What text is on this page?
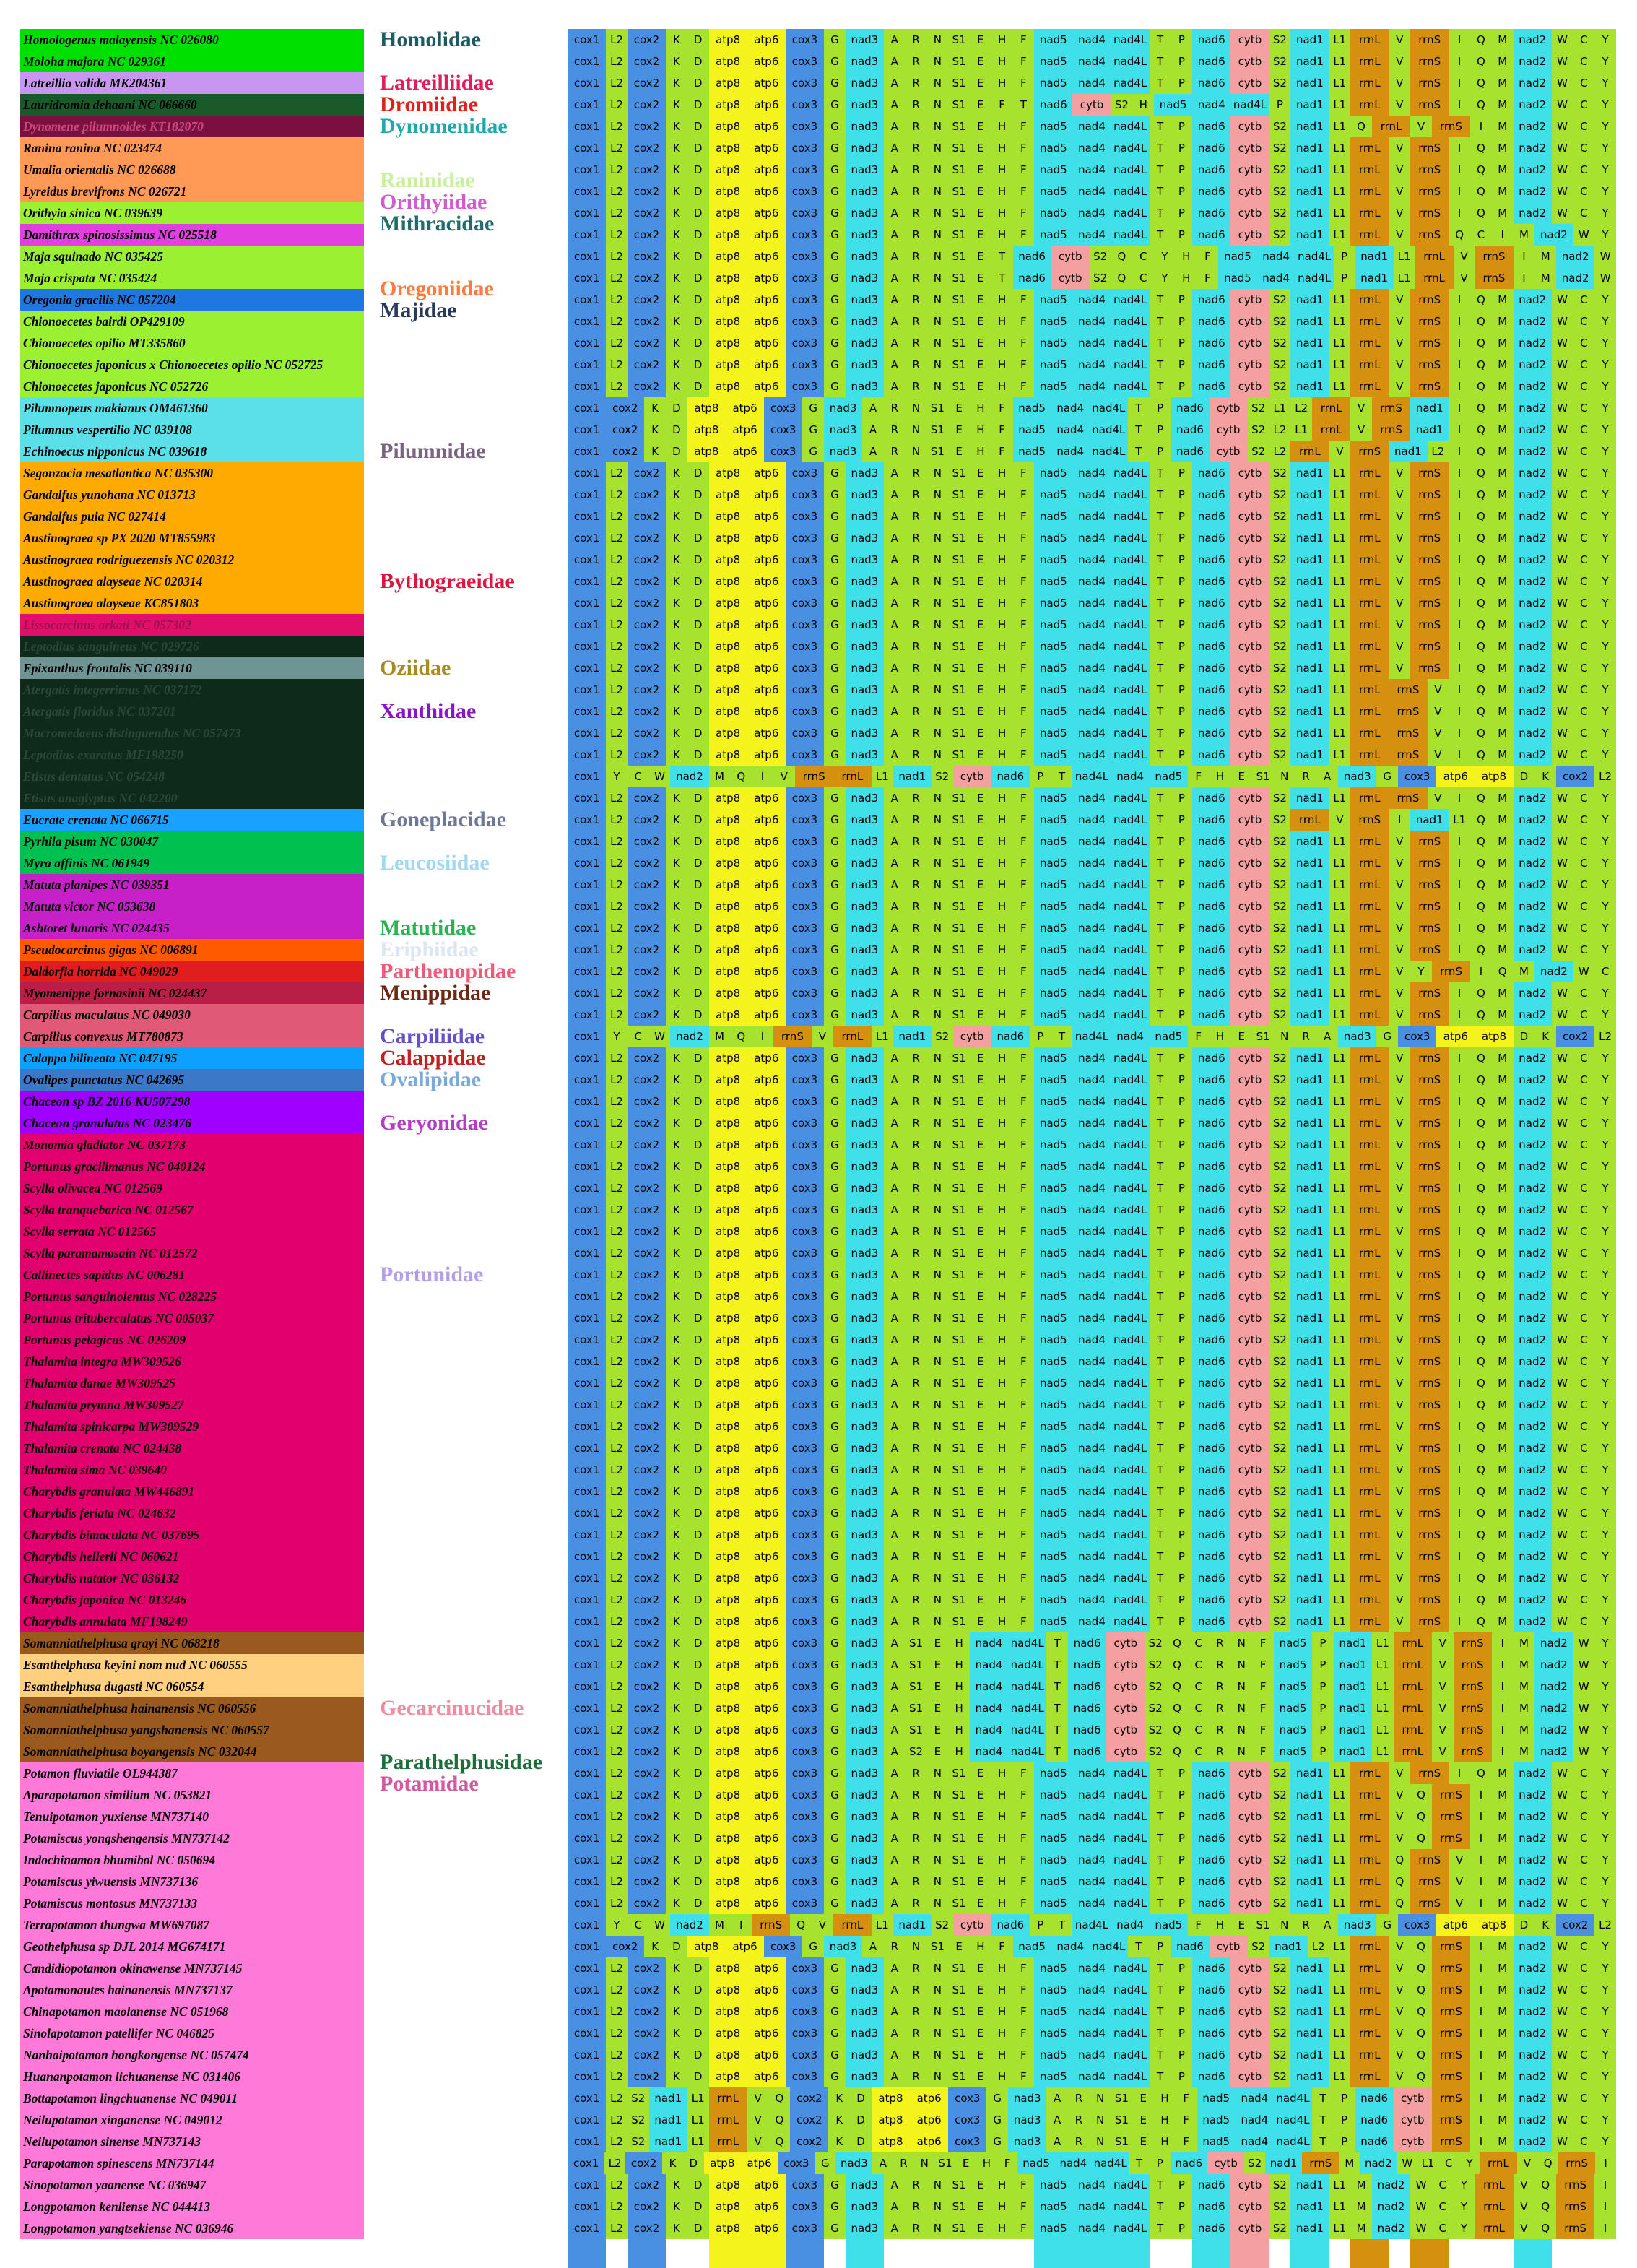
Homologenus malayensis NC 026080
Moloha majora NC 029361
Latreillia valida MK204361
Lauridromia dehaani NC 066660
Dynomene pilumnoides KT182070
Ranina ranina NC 023474
Umalia orientalis NC 026688
Lyreidus brevifrons NC 026721
Orithyia sinica NC 039639
Damithrax spinosissimus NC 025518
Maja squinado NC 035425
Maja crispata NC 035424
Oregonia gracilis NC 057204
Chionoecetes bairdi OP429109
Chionoecetes opilio MT335860
Chionoecetes japonicus x Chionoecetes opilio NC 052725
Chionoecetes japonicus NC 052726
Pilumnopeus makianus OM461360
Pilumnus vespertilio NC 039108
Echinoecus nipponicus NC 039618
Segonzacia mesatlantica NC 035300
Gandalfus yunohana NC 013713
Gandalfus puia NC 027414
Austinograea sp PX 2020 MT855983
Austinograea rodriguezensis NC 020312
Austinograea alayseae NC 020314
Austinograea alayseae KC851803
Lissocarcinus arkati NC 057302
Leptodius sanguineus NC 029726
Epixanthus frontalis NC 039110
Atergatis integerrimus NC 037172
Atergatis floridus NC 037201
Macromedaeus distinguendus NC 057473
Leptodius exaratus MF198250
Etisus dentatus NC 054248
Etisus anaglyptus NC 042200
Eucrate crenata NC 066715
Pyrhila pisum NC 030047
Myra affinis NC 061949
Matuta planipes NC 039351
Matuta victor NC 053638
Ashtoret lunaris NC 024435
Pseudocarcinus gigas NC 006891
Daldorfia horrida NC 049029
Myomenippe fornasinii NC 024437
Carpilius maculatus NC 049030
Carpilius convexus MT780873
Calappa bilineata NC 047195
Ovalipes punctatus NC 042695
Chaceon sp BZ 2016 KU507298
Chaceon granulatus NC 023476
Monomia gladiator NC 037173
Portunus gracilimanus NC 040124
Scylla olivacea NC 012569
Scylla tranquebarica NC 012567
Scylla serrata NC 012565
Scylla paramamosain NC 012572
Callinectes sapidus NC 006281
Portunus sanguinolentus NC 028225
Portunus trituberculatus NC 005037
Portunus pelagicus NC 026209
Thalamita integra MW309526
Thalamita danae MW309525
Thalamita prymna MW309527
Thalamita spinicarpa MW309529
Thalamita crenata NC 024438
Thalamita sima NC 039640
Charybdis granulata MW446891
Charybdis feriata NC 024632
Charybdis bimaculata NC 037695
Charybdis hellerii NC 060621
Charybdis natator NC 036132
Charybdis japonica NC 013246
Charybdis annulata MF198249
Somanniathelphusa grayi NC 068218
Esanthelphusa keyini nom nud NC 060555
Esanthelphusa dugasti NC 060554
Somanniathelphusa hainanensis NC 060556
Somanniathelphusa yangshanensis NC 060557
Somanniathelphusa boyangensis NC 032044
Potamon fluviatile OL944387
Aparapotamon similium NC 053821
Tenuipotamon yuxiense MN737140
Potamiscus yongshengensis MN737142
Indochinamon bhumibol NC 050694
Potamiscus yiwuensis MN737136
Potamiscus montosus MN737133
Terrapotamon thungwa MW697087
Geothelphusa sp DJL 2014 MG674171
Candidiopotamon okinawense MN737145
Apotamonautes hainanensis MN737137
Chinapotamon maolanense NC 051968
Sinolapotamon patellifer NC 046825
Nanhaipotamon hongkongense NC 057474
Huananpotamon lichuanense NC 031406
Bottapotamon lingchuanense NC 049011
Neilupotamon xinganense NC 049012
Neilupotamon sinense MN737143
Parapotamon spinescens MN737144
Sinopotamon yaanense NC 036947
Longpotamon kenliense NC 044413
Longpotamon yangtsekiense NC 036946
Homolidae
Latreilliidae
Dromiidae
Dynomenidae
Raninidae
Orithyiidae
Mithracidae
Oregoniidae
Majidae
Pilumnidae
Bythograeidae
Oziidae
Xanthidae
Goneplacidae
Leucosiidae
Matutidae
Eriphiidae
Parthenopidae
Menippidae
Carpiliidae
Calappidae
Ovalipidae
Geryonidae
Portunidae
Gecarcinucidae
Parathelphusidae
Potamidae
cox1 L2 cox2	K	D	atp8	atp6	cox3	G	nad3	A	R	N S1	E	H	F	nad5	nad4 nad4L T	P	nad6	cytb	S2 nad1 L1	rrnL	V	rrnS	I	Q	M	nad2	W	C	Y
cox1 L2 cox2	K	D	atp8	atp6	cox3	G	nad3	A	R	N S1	E	H	F	nad5	nad4 nad4L T	P	nad6	cytb	S2 nad1 L1	rrnL	V	rrnS	I	Q	M	nad2	W	C	Y
cox1 L2 cox2	K	D	atp8	atp6	cox3	G	nad3	A	R	N S1	E	H	F	nad5	nad4 nad4L T	P	nad6	cytb	S2 nad1 L1	rrnL	V	rrnS	I	Q	M	nad2	W	C	Y
cox1 L2 cox2	K	D	atp8	atp6	cox3	G	nad3	A	R	N S1	E	F	T	nad6	cytb	S2 H	nad5	nad4 nad4L P	nad1 L1	rrnL	V	rrnS	I	Q	M	nad2	W	C	Y
cox1 L2 cox2	K	D	atp8	atp6	cox3	G	nad3	A	R	N S1	E	H	F	nad5	nad4 nad4L T	P	nad6	cytb	S2 nad1 L1 Q	rrnL	V	rrnS	I	M	nad2	W	C	Y
cox1 L2 cox2	K	D	atp8	atp6	cox3	G	nad3	A	R	N S1	E	H	F	nad5	nad4 nad4L T	P	nad6	cytb	S2 nad1 L1	rrnL	V	rrnS	I	Q	M	nad2	W	C	Y
cox1 L2 cox2	K	D	atp8	atp6	cox3	G	nad3	A	R	N S1	E	H	F	nad5	nad4 nad4L T	P	nad6	cytb	S2 nad1 L1	rrnL	V	rrnS	I	Q	M	nad2	W	C	Y
cox1 L2 cox2	K	D	atp8	atp6	cox3	G	nad3	A	R	N S1	E	H	F	nad5	nad4 nad4L T	P	nad6	cytb	S2 nad1 L1	rrnL	V	rrnS	I	Q	M	nad2	W	C	Y
cox1 L2 cox2	K	D	atp8	atp6	cox3	G	nad3	A	R	N S1	E	H	F	nad5	nad4 nad4L T	P	nad6	cytb	S2 nad1 L1	rrnL	V	rrnS	I	Q	M	nad2	W	C	Y
cox1 L2 cox2	K	D	atp8	atp6	cox3	G	nad3	A	R	N S1	E	H	F	nad5	nad4 nad4L T	P	nad6	cytb	S2 nad1 L1	rrnL	V	rrnS	Q	C	I	M	nad2	W	Y
cox1 L2 cox2	K	D	atp8	atp6	cox3	G	nad3	A	R	N S1	E	T	nad6	cytb	S2 Q	C	Y	H	F	nad5	nad4 nad4L P	nad1 L1	rrnL	V	rrnS	I	M	nad2	W
cox1 L2 cox2	K	D	atp8	atp6	cox3	G	nad3	A	R	N S1	E	T	nad6	cytb	S2 Q	C	Y	H	F	nad5	nad4 nad4L P	nad1 L1	rrnL	V	rrnS	I	M	nad2	W
cox1 L2 cox2	K	D	atp8	atp6	cox3	G	nad3	A	R	N S1	E	H	F	nad5	nad4 nad4L T	P	nad6	cytb	S2 nad1 L1	rrnL	V	rrnS	I	Q	M	nad2	W	C	Y
cox1 L2 cox2	K	D	atp8	atp6	cox3	G	nad3	A	R	N S1	E	H	F	nad5	nad4 nad4L T	P	nad6	cytb	S2 nad1 L1	rrnL	V	rrnS	I	Q	M	nad2	W	C	Y
cox1 L2 cox2	K	D	atp8	atp6	cox3	G	nad3	A	R	N S1	E	H	F	nad5	nad4 nad4L T	P	nad6	cytb	S2 nad1 L1	rrnL	V	rrnS	I	Q	M	nad2	W	C	Y
cox1 L2 cox2	K	D	atp8	atp6	cox3	G	nad3	A	R	N S1	E	H	F	nad5	nad4 nad4L T	P	nad6	cytb	S2 nad1 L1	rrnL	V	rrnS	I	Q	M	nad2	W	C	Y
cox1 L2 cox2	K	D	atp8	atp6	cox3	G	nad3	A	R	N S1	E	H	F	nad5	nad4 nad4L T	P	nad6	cytb	S2 nad1 L1	rrnL	V	rrnS	I	Q	M	nad2	W	C	Y
cox1	cox2	K	D	atp8	atp6	cox3	G	nad3	A	R	N S1	E	H	F	nad5	nad4 nad4L T	P	nad6	cytb	S2 L1 L2	rrnL	V	rrnS	nad1	I	Q	M	nad2	W	C	Y
cox1	cox2	K	D	atp8	atp6	cox3	G	nad3	A	R	N S1	E	H	F	nad5	nad4 nad4L T	P	nad6	cytb	S2 L2 L1	rrnL	V	rrnS	nad1	I	Q	M	nad2	W	C	Y
cox1	cox2	K	D	atp8	atp6	cox3	G	nad3	A	R	N S1	E	H	F	nad5	nad4 nad4L T	P	nad6	cytb	S2 L2	rrnL	V	rrnS	nad1 L2	I	Q	M	nad2	W	C	Y
cox1 L2 cox2	K	D	atp8	atp6	cox3	G	nad3	A	R	N S1	E	H	F	nad5	nad4 nad4L T	P	nad6	cytb	S2 nad1 L1	rrnL	V	rrnS	I	Q	M	nad2	W	C	Y
cox1 L2 cox2	K	D	atp8	atp6	cox3	G	nad3	A	R	N S1	E	H	F	nad5	nad4 nad4L T	P	nad6	cytb	S2 nad1 L1	rrnL	V	rrnS	I	Q	M	nad2	W	C	Y
cox1 L2 cox2	K	D	atp8	atp6	cox3	G	nad3	A	R	N S1	E	H	F	nad5	nad4 nad4L T	P	nad6	cytb	S2 nad1 L1	rrnL	V	rrnS	I	Q	M	nad2	W	C	Y
cox1 L2 cox2	K	D	atp8	atp6	cox3	G	nad3	A	R	N S1	E	H	F	nad5	nad4 nad4L T	P	nad6	cytb	S2 nad1 L1	rrnL	V	rrnS	I	Q	M	nad2	W	C	Y
cox1 L2 cox2	K	D	atp8	atp6	cox3	G	nad3	A	R	N S1	E	H	F	nad5	nad4 nad4L T	P	nad6	cytb	S2 nad1 L1	rrnL	V	rrnS	I	Q	M	nad2	W	C	Y
cox1 L2 cox2	K	D	atp8	atp6	cox3	G	nad3	A	R	N S1	E	H	F	nad5	nad4 nad4L T	P	nad6	cytb	S2 nad1 L1	rrnL	V	rrnS	I	Q	M	nad2	W	C	Y
cox1 L2 cox2	K	D	atp8	atp6	cox3	G	nad3	A	R	N S1	E	H	F	nad5	nad4 nad4L T	P	nad6	cytb	S2 nad1 L1	rrnL	V	rrnS	I	Q	M	nad2	W	C	Y
cox1 L2 cox2	K	D	atp8	atp6	cox3	G	nad3	A	R	N S1	E	H	F	nad5	nad4 nad4L T	P	nad6	cytb	S2 nad1 L1	rrnL	V	rrnS	I	Q	M	nad2	W	C	Y
cox1 L2 cox2	K	D	atp8	atp6	cox3	G	nad3	A	R	N S1	E	H	F	nad5	nad4 nad4L T	P	nad6	cytb	S2 nad1 L1	rrnL	V	rrnS	I	Q	M	nad2	W	C	Y
cox1 L2 cox2	K	D	atp8	atp6	cox3	G	nad3	A	R	N S1	E	H	F	nad5	nad4 nad4L T	P	nad6	cytb	S2 nad1 L1	rrnL	V	rrnS	I	Q	M	nad2	W	C	Y
cox1 L2 cox2	K	D	atp8	atp6	cox3	G	nad3	A	R	N S1	E	H	F	nad5	nad4 nad4L T	P	nad6	cytb	S2 nad1 L1	rrnL	rrnS	V	I	Q	M	nad2	W	C	Y
cox1 L2 cox2	K	D	atp8	atp6	cox3	G	nad3	A	R	N S1	E	H	F	nad5	nad4 nad4L T	P	nad6	cytb	S2 nad1 L1	rrnL	rrnS	V	I	Q	M	nad2	W	C	Y
cox1 L2 cox2	K	D	atp8	atp6	cox3	G	nad3	A	R	N S1	E	H	F	nad5	nad4 nad4L T	P	nad6	cytb	S2 nad1 L1	rrnL	rrnS	V	I	Q	M	nad2	W	C	Y
cox1 L2 cox2	K	D	atp8	atp6	cox3	G	nad3	A	R	N S1	E	H	F	nad5	nad4 nad4L T	P	nad6	cytb	S2 nad1 L1	rrnL	rrnS	V	I	Q	M	nad2	W	C	Y
cox1	Y	C	W	nad2	M	Q	I	V	rrnS	rrnL	L1 nad1 S2	cytb	nad6	P	T nad4L nad4	nad5	F	H	E	S1 N	R	A	nad3	G	cox3	atp6	atp8	D	K	cox2 L2
cox1 L2 cox2	K	D	atp8	atp6	cox3	G	nad3	A	R	N S1	E	H	F	nad5	nad4 nad4L T	P	nad6	cytb	S2 nad1 L1	rrnL	rrnS	V	I	Q	M	nad2	W	C	Y
cox1 L2 cox2	K	D	atp8	atp6	cox3	G	nad3	A	R	N S1	E	H	F	nad5	nad4 nad4L T	P	nad6	cytb	S2	rrnL	V	rrnS	I	nad1 L1 Q	M	nad2	W	C	Y
cox1 L2 cox2	K	D	atp8	atp6	cox3	G	nad3	A	R	N S1	E	H	F	nad5	nad4 nad4L T	P	nad6	cytb	S2 nad1 L1	rrnL	V	rrnS	I	Q	M	nad2	W	C	Y
cox1 L2 cox2	K	D	atp8	atp6	cox3	G	nad3	A	R	N S1	E	H	F	nad5	nad4 nad4L T	P	nad6	cytb	S2 nad1 L1	rrnL	V	rrnS	I	Q	M	nad2	W	C	Y
cox1 L2 cox2	K	D	atp8	atp6	cox3	G	nad3	A	R	N S1	E	H	F	nad5	nad4 nad4L T	P	nad6	cytb	S2 nad1 L1	rrnL	V	rrnS	I	Q	M	nad2	W	C	Y
cox1 L2 cox2	K	D	atp8	atp6	cox3	G	nad3	A	R	N S1	E	H	F	nad5	nad4 nad4L T	P	nad6	cytb	S2 nad1 L1	rrnL	V	rrnS	I	Q	M	nad2	W	C	Y
cox1 L2 cox2	K	D	atp8	atp6	cox3	G	nad3	A	R	N S1	E	H	F	nad5	nad4 nad4L T	P	nad6	cytb	S2 nad1 L1	rrnL	V	rrnS	I	Q	M	nad2	W	C	Y
cox1 L2 cox2	K	D	atp8	atp6	cox3	G	nad3	A	R	N S1	E	H	F	nad5	nad4 nad4L T	P	nad6	cytb	S2 nad1 L1	rrnL	V	rrnS	I	Q	M	nad2	W	C	Y
cox1 L2 cox2	K	D	atp8	atp6	cox3	G	nad3	A	R	N S1	E	H	F	nad5	nad4 nad4L T	P	nad6	cytb	S2 nad1 L1	rrnL	V	Y	rrnS	I	Q	M	nad2	W	C
cox1 L2 cox2	K	D	atp8	atp6	cox3	G	nad3	A	R	N S1	E	H	F	nad5	nad4 nad4L T	P	nad6	cytb	S2 nad1 L1	rrnL	V	rrnS	I	Q	M	nad2	W	C	Y
cox1 L2 cox2	K	D	atp8	atp6	cox3	G	nad3	A	R	N S1	E	H	F	nad5	nad4 nad4L T	P	nad6	cytb	S2 nad1 L1	rrnL	V	rrnS	I	Q	M	nad2	W	C	Y
cox1	Y	C	W	nad2	M	Q	I	rrnS	V	rrnL	L1 nad1 S2	cytb	nad6	P	T nad4L nad4	nad5	F	H	E	S1 N	R	A	nad3	G	cox3	atp6	atp8	D	K	cox2 L2
cox1 L2 cox2	K	D	atp8	atp6	cox3	G	nad3	A	R	N S1	E	H	F	nad5	nad4 nad4L T	P	nad6	cytb	S2 nad1 L1	rrnL	V	rrnS	I	Q	M	nad2	W	C	Y
cox1 L2 cox2	K	D	atp8	atp6	cox3	G	nad3	A	R	N S1	E	H	F	nad5	nad4 nad4L T	P	nad6	cytb	S2 nad1 L1	rrnL	V	rrnS	I	Q	M	nad2	W	C	Y
cox1 L2 cox2	K	D	atp8	atp6	cox3	G	nad3	A	R	N S1	E	H	F	nad5	nad4 nad4L T	P	nad6	cytb	S2 nad1 L1	rrnL	V	rrnS	I	Q	M	nad2	W	C	Y
cox1 L2 cox2	K	D	atp8	atp6	cox3	G	nad3	A	R	N S1	E	H	F	nad5	nad4 nad4L T	P	nad6	cytb	S2 nad1 L1	rrnL	V	rrnS	I	Q	M	nad2	W	C	Y
cox1 L2 cox2	K	D	atp8	atp6	cox3	G	nad3	A	R	N S1	E	H	F	nad5	nad4 nad4L T	P	nad6	cytb	S2 nad1 L1	rrnL	V	rrnS	I	Q	M	nad2	W	C	Y
cox1 L2 cox2	K	D	atp8	atp6	cox3	G	nad3	A	R	N S1	E	H	F	nad5	nad4 nad4L T	P	nad6	cytb	S2 nad1 L1	rrnL	V	rrnS	I	Q	M	nad2	W	C	Y
cox1 L2 cox2	K	D	atp8	atp6	cox3	G	nad3	A	R	N S1	E	H	F	nad5	nad4 nad4L T	P	nad6	cytb	S2 nad1 L1	rrnL	V	rrnS	I	Q	M	nad2	W	C	Y
cox1 L2 cox2	K	D	atp8	atp6	cox3	G	nad3	A	R	N S1	E	H	F	nad5	nad4 nad4L T	P	nad6	cytb	S2 nad1 L1	rrnL	V	rrnS	I	Q	M	nad2	W	C	Y
cox1 L2 cox2	K	D	atp8	atp6	cox3	G	nad3	A	R	N S1	E	H	F	nad5	nad4 nad4L T	P	nad6	cytb	S2 nad1 L1	rrnL	V	rrnS	I	Q	M	nad2	W	C	Y
cox1 L2 cox2	K	D	atp8	atp6	cox3	G	nad3	A	R	N S1	E	H	F	nad5	nad4 nad4L T	P	nad6	cytb	S2 nad1 L1	rrnL	V	rrnS	I	Q	M	nad2	W	C	Y
cox1 L2 cox2	K	D	atp8	atp6	cox3	G	nad3	A	R	N S1	E	H	F	nad5	nad4 nad4L T	P	nad6	cytb	S2 nad1 L1	rrnL	V	rrnS	I	Q	M	nad2	W	C	Y
cox1 L2 cox2	K	D	atp8	atp6	cox3	G	nad3	A	R	N S1	E	H	F	nad5	nad4 nad4L T	P	nad6	cytb	S2 nad1 L1	rrnL	V	rrnS	I	Q	M	nad2	W	C	Y
cox1 L2 cox2	K	D	atp8	atp6	cox3	G	nad3	A	R	N S1	E	H	F	nad5	nad4 nad4L T	P	nad6	cytb	S2 nad1 L1	rrnL	V	rrnS	I	Q	M	nad2	W	C	Y
cox1 L2 cox2	K	D	atp8	atp6	cox3	G	nad3	A	R	N S1	E	H	F	nad5	nad4 nad4L T	P	nad6	cytb	S2 nad1 L1	rrnL	V	rrnS	I	Q	M	nad2	W	C	Y
cox1 L2 cox2	K	D	atp8	atp6	cox3	G	nad3	A	R	N S1	E	H	F	nad5	nad4 nad4L T	P	nad6	cytb	S2 nad1 L1	rrnL	V	rrnS	I	Q	M	nad2	W	C	Y
cox1 L2 cox2	K	D	atp8	atp6	cox3	G	nad3	A	R	N S1	E	H	F	nad5	nad4 nad4L T	P	nad6	cytb	S2 nad1 L1	rrnL	V	rrnS	I	Q	M	nad2	W	C	Y
cox1 L2 cox2	K	D	atp8	atp6	cox3	G	nad3	A	R	N S1	E	H	F	nad5	nad4 nad4L T	P	nad6	cytb	S2 nad1 L1	rrnL	V	rrnS	I	Q	M	nad2	W	C	Y
cox1 L2 cox2	K	D	atp8	atp6	cox3	G	nad3	A	R	N S1	E	H	F	nad5	nad4 nad4L T	P	nad6	cytb	S2 nad1 L1	rrnL	V	rrnS	I	Q	M	nad2	W	C	Y
cox1 L2 cox2	K	D	atp8	atp6	cox3	G	nad3	A	R	N S1	E	H	F	nad5	nad4 nad4L T	P	nad6	cytb	S2 nad1 L1	rrnL	V	rrnS	I	Q	M	nad2	W	C	Y
cox1 L2 cox2	K	D	atp8	atp6	cox3	G	nad3	A	R	N S1	E	H	F	nad5	nad4 nad4L T	P	nad6	cytb	S2 nad1 L1	rrnL	V	rrnS	I	Q	M	nad2	W	C	Y
cox1 L2 cox2	K	D	atp8	atp6	cox3	G	nad3	A	R	N S1	E	H	F	nad5	nad4 nad4L T	P	nad6	cytb	S2 nad1 L1	rrnL	V	rrnS	I	Q	M	nad2	W	C	Y
cox1 L2 cox2	K	D	atp8	atp6	cox3	G	nad3	A	R	N S1	E	H	F	nad5	nad4 nad4L T	P	nad6	cytb	S2 nad1 L1	rrnL	V	rrnS	I	Q	M	nad2	W	C	Y
cox1 L2 cox2	K	D	atp8	atp6	cox3	G	nad3	A	R	N S1	E	H	F	nad5	nad4 nad4L T	P	nad6	cytb	S2 nad1 L1	rrnL	V	rrnS	I	Q	M	nad2	W	C	Y
cox1 L2 cox2	K	D	atp8	atp6	cox3	G	nad3	A	R	N S1	E	H	F	nad5	nad4 nad4L T	P	nad6	cytb	S2 nad1 L1	rrnL	V	rrnS	I	Q	M	nad2	W	C	Y
cox1 L2 cox2	K	D	atp8	atp6	cox3	G	nad3	A	R	N S1	E	H	F	nad5	nad4 nad4L T	P	nad6	cytb	S2 nad1 L1	rrnL	V	rrnS	I	Q	M	nad2	W	C	Y
cox1 L2 cox2	K	D	atp8	atp6	cox3	G	nad3	A	R	N S1	E	H	F	nad5	nad4 nad4L T	P	nad6	cytb	S2 nad1 L1	rrnL	V	rrnS	I	Q	M	nad2	W	C	Y
cox1 L2 cox2	K	D	atp8	atp6	cox3	G	nad3	A	R	N S1	E	H	F	nad5	nad4 nad4L T	P	nad6	cytb	S2 nad1 L1	rrnL	V	rrnS	I	Q	M	nad2	W	C	Y
cox1 L2 cox2	K	D	atp8	atp6	cox3	G	nad3	A	S1	E	H	nad4 nad4L T	nad6	cytb	S2 Q	C	R	N	F	nad5	P	nad1 L1	rrnL	V	rrnS	I	M	nad2	W	Y
cox1 L2 cox2	K	D	atp8	atp6	cox3	G	nad3	A	S1	E	H	nad4 nad4L T	nad6	cytb	S2 Q	C	R	N	F	nad5	P	nad1 L1	rrnL	V	rrnS	I	M	nad2	W	Y
cox1 L2 cox2	K	D	atp8	atp6	cox3	G	nad3	A	S1	E	H	nad4 nad4L T	nad6	cytb	S2 Q	C	R	N	F	nad5	P	nad1 L1	rrnL	V	rrnS	I	M	nad2	W	Y
cox1 L2 cox2	K	D	atp8	atp6	cox3	G	nad3	A	S1	E	H	nad4 nad4L T	nad6	cytb	S2 Q	C	R	N	F	nad5	P	nad1 L1	rrnL	V	rrnS	I	M	nad2	W	Y
cox1 L2 cox2	K	D	atp8	atp6	cox3	G	nad3	A	S1	E	H	nad4 nad4L T	nad6	cytb	S2 Q	C	R	N	F	nad5	P	nad1 L1	rrnL	V	rrnS	I	M	nad2	W	Y
cox1 L2 cox2	K	D	atp8	atp6	cox3	G	nad3	A	S2	E	H	nad4 nad4L T	nad6	cytb	S2 Q	C	R	N	F	nad5	P	nad1 L1	rrnL	V	rrnS	I	M	nad2	W	Y
cox1 L2 cox2	K	D	atp8	atp6	cox3	G	nad3	A	R	N S1	E	H	F	nad5	nad4 nad4L T	P	nad6	cytb	S2 nad1 L1	rrnL	V	rrnS	I	Q	M	nad2	W	C	Y
cox1 L2 cox2	K	D	atp8	atp6	cox3	G	nad3	A	R	N S1	E	H	F	nad5	nad4 nad4L T	P	nad6	cytb	S2 nad1 L1	rrnL	V	Q	rrnS	I	M	nad2	W	C	Y
cox1 L2 cox2	K	D	atp8	atp6	cox3	G	nad3	A	R	N S1	E	H	F	nad5	nad4 nad4L T	P	nad6	cytb	S2 nad1 L1	rrnL	V	Q	rrnS	I	M	nad2	W	C	Y
cox1 L2 cox2	K	D	atp8	atp6	cox3	G	nad3	A	R	N S1	E	H	F	nad5	nad4 nad4L T	P	nad6	cytb	S2 nad1 L1	rrnL	V	Q	rrnS	I	M	nad2	W	C	Y
cox1 L2 cox2	K	D	atp8	atp6	cox3	G	nad3	A	R	N S1	E	H	F	nad5	nad4 nad4L T	P	nad6	cytb	S2 nad1 L1	rrnL	Q	rrnS	V	I	M	nad2	W	C	Y
cox1 L2 cox2	K	D	atp8	atp6	cox3	G	nad3	A	R	N S1	E	H	F	nad5	nad4 nad4L T	P	nad6	cytb	S2 nad1 L1	rrnL	Q	rrnS	V	I	M	nad2	W	C	Y
cox1 L2 cox2	K	D	atp8	atp6	cox3	G	nad3	A	R	N S1	E	H	F	nad5	nad4 nad4L T	P	nad6	cytb	S2 nad1 L1	rrnL	Q	rrnS	V	I	M	nad2	W	C	Y
cox1	Y	C	W	nad2	M	I	rrnS	Q	V	rrnL	L1 nad1 S2	cytb	nad6	P	T nad4L nad4	nad5	F	H	E	S1 N	R	A	nad3	G	cox3	atp6	atp8	D	K	cox2 L2
cox1	cox2	K	D	atp8	atp6	cox3	G	nad3	A	R	N S1	E	H	F	nad5	nad4 nad4L T	P	nad6	cytb	S2 nad1 L2 L1	rrnL	V	Q	rrnS	I	M	nad2	W	C	Y
cox1 L2 cox2	K	D	atp8	atp6	cox3	G	nad3	A	R	N S1	E	H	F	nad5	nad4 nad4L T	P	nad6	cytb	S2 nad1 L1	rrnL	V	Q	rrnS	I	M	nad2	W	C	Y
cox1 L2 cox2	K	D	atp8	atp6	cox3	G	nad3	A	R	N S1	E	H	F	nad5	nad4 nad4L T	P	nad6	cytb	S2 nad1 L1	rrnL	V	Q	rrnS	I	M	nad2	W	C	Y
cox1 L2 cox2	K	D	atp8	atp6	cox3	G	nad3	A	R	N S1	E	H	F	nad5	nad4 nad4L T	P	nad6	cytb	S2 nad1 L1	rrnL	V	Q	rrnS	I	M	nad2	W	C	Y
cox1 L2 cox2	K	D	atp8	atp6	cox3	G	nad3	A	R	N S1	E	H	F	nad5	nad4 nad4L T	P	nad6	cytb	S2 nad1 L1	rrnL	V	Q	rrnS	I	M	nad2	W	C	Y
cox1 L2 cox2	K	D	atp8	atp6	cox3	G	nad3	A	R	N S1	E	H	F	nad5	nad4 nad4L T	P	nad6	cytb	S2 nad1 L1	rrnL	V	Q	rrnS	I	M	nad2	W	C	Y
cox1 L2 cox2	K	D	atp8	atp6	cox3	G	nad3	A	R	N S1	E	H	F	nad5	nad4 nad4L T	P	nad6	cytb	S2 nad1 L1	rrnL	V	Q	rrnS	I	M	nad2	W	C	Y
cox1 L2 S2 nad1 L1	rrnL	V	Q	cox2	K	D	atp8	atp6	cox3	G	nad3	A	R	N S1	E	H	F	nad5	nad4 nad4L T	P	nad6	cytb	rrnS	I	M	nad2	W	C	Y
cox1 L2 S2 nad1 L1	rrnL	V	Q	cox2	K	D	atp8	atp6	cox3	G	nad3	A	R	N S1	E	H	F	nad5	nad4 nad4L T	P	nad6	cytb	rrnS	I	M	nad2	W	C	Y
cox1 L2 S2 nad1 L1	rrnL	V	Q	cox2	K	D	atp8	atp6	cox3	G	nad3	A	R	N S1	E	H	F	nad5	nad4 nad4L T	P	nad6	cytb	rrnS	I	M	nad2	W	C	Y
cox1 L2 cox2	K	D	atp8	atp6	cox3	G	nad3	A	R	N S1 E	H	F	nad5 nad4 nad4L T	P	nad6	cytb S2 nad1	rrnS	M nad2 W L1 C	Y	rrnL	V	Q	rrnS	I
cox1 L2 cox2	K	D	atp8	atp6	cox3	G	nad3	A	R	N S1	E	H	F	nad5	nad4 nad4L T	P	nad6	cytb	S2 nad1 L1 M	nad2	W	C	Y	rrnL	V	Q	rrnS	I
cox1 L2 cox2	K	D	atp8	atp6	cox3	G	nad3	A	R	N S1	E	H	F	nad5	nad4 nad4L T	P	nad6	cytb	S2 nad1 L1 M	nad2	W	C	Y	rrnL	V	Q	rrnS	I
cox1 L2 cox2	K	D	atp8	atp6	cox3	G	nad3	A	R	N S1	E	H	F	nad5	nad4 nad4L T	P	nad6	cytb	S2 nad1 L1 M	nad2	W	C	Y	rrnL	V	Q	rrnS	I
